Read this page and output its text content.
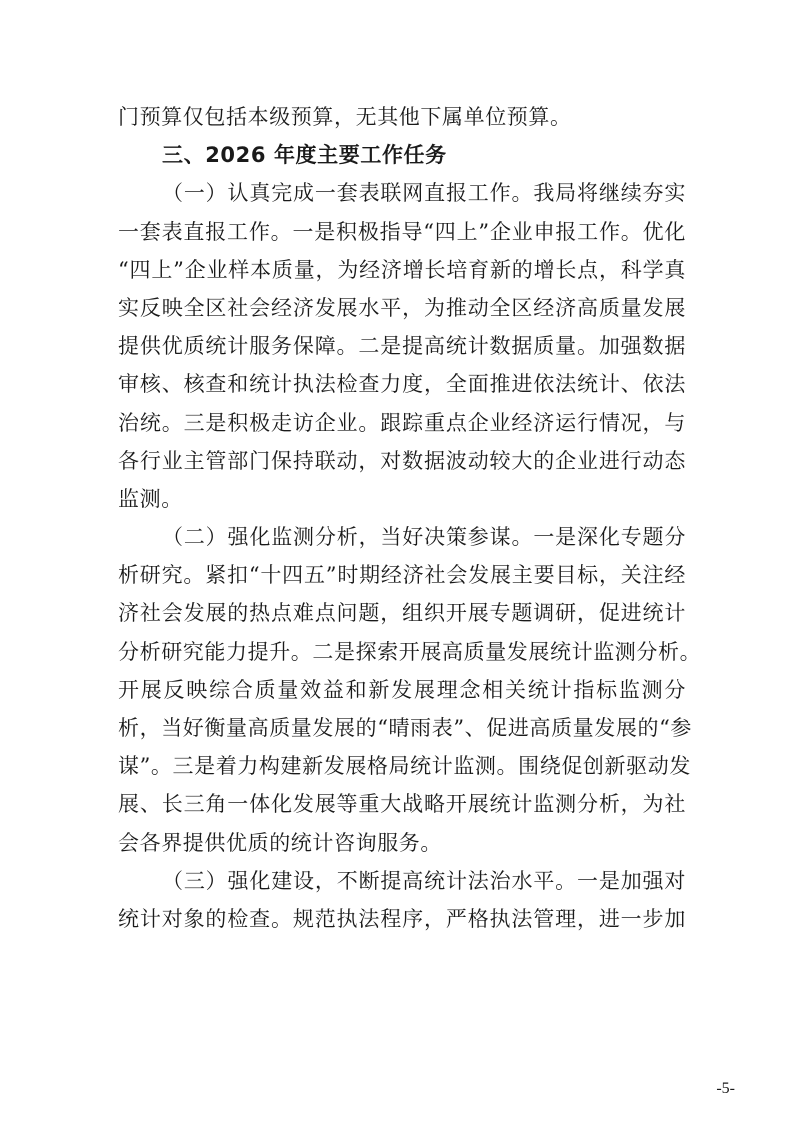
门预算仅包括本级预算，无其他下属单位预算。
三、2026 年度主要工作任务
（一）认真完成一套表联网直报工作。我局将继续夯实
一套表直报工作。一是积极指导“四上”企业申报工作。优化
“四上”企业样本质量，为经济增长培育新的增长点，科学真
实反映全区社会经济发展水平，为推动全区经济高质量发展
提供优质统计服务保障。二是提高统计数据质量。加强数据
审核、核查和统计执法检查力度，全面推进依法统计、依法
治统。三是积极走访企业。跟踪重点企业经济运行情况，与
各行业主管部门保持联动，对数据波动较大的企业进行动态
监测。
（二）强化监测分析，当好决策参谋。一是深化专题分
析研究。紧扣“十四五”时期经济社会发展主要目标，关注经
济社会发展的热点难点问题，组织开展专题调研，促进统计
分析研究能力提升。二是探索开展高质量发展统计监测分析。
开展反映综合质量效益和新发展理念相关统计指标监测分
析，当好衡量高质量发展的“晴雨表”、促进高质量发展的“参
谋”。三是着力构建新发展格局统计监测。围绕促创新驱动发
展、长三角一体化发展等重大战略开展统计监测分析，为社
会各界提供优质的统计咨询服务。
（三）强化建设，不断提高统计法治水平。一是加强对
统计对象的检查。规范执法程序，严格执法管理，进一步加
-5-
